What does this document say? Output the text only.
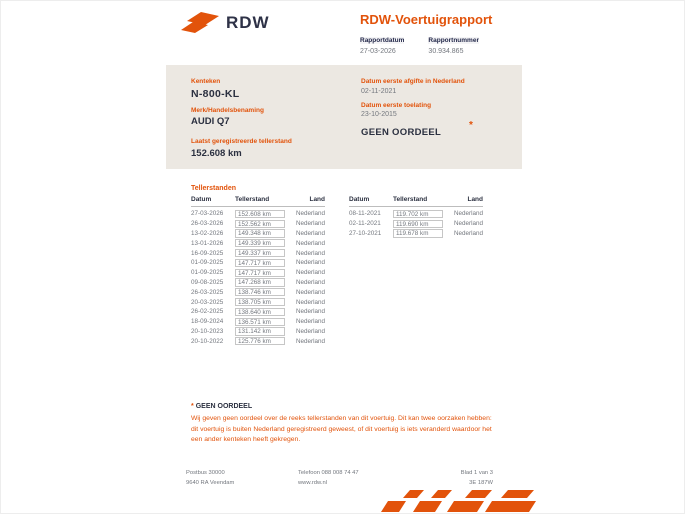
RDW	RDW-Voertuigrapport
Rapportdatum
27-03-2026
Rapportnummer
30.934.865
Kenteken
N-800-KL
Merk/Handelsbenaming
AUDI Q7
Laatst geregistreerde tellerstand
152.608 km
Datum eerste afgifte in Nederland
02-11-2021
Datum eerste toelating
23-10-2015
GEEN OORDEEL
*
Tellerstanden
Datum	Tellerstand	Land
27-03-2026	152.608 km	Nederland
26-03-2026	152.562 km	Nederland
13-02-2026	149.348 km	Nederland
13-01-2026	149.339 km	Nederland
16-09-2025	149.337 km	Nederland
01-09-2025	147.717 km	Nederland
01-09-2025	147.717 km	Nederland
09-08-2025	147.268 km	Nederland
26-03-2025	138.746 km	Nederland
20-03-2025	138.705 km	Nederland
26-02-2025	138.640 km	Nederland
18-09-2024	136.571 km	Nederland
20-10-2023	131.142 km	Nederland
20-10-2022	125.776 km	Nederland
Datum	Tellerstand	Land
08-11-2021	119.702 km	Nederland
02-11-2021	119.690 km	Nederland
27-10-2021	119.678 km	Nederland
* GEEN OORDEEL
Wij geven geen oordeel over de reeks tellerstanden van dit voertuig. Dit kan twee oorzaken hebben: dit voertuig is buiten Nederland geregistreerd geweest, of dit voertuig is iets veranderd waardoor het een ander kenteken heeft gekregen.
Postbus 30000
9640 RA Veendam
Telefoon 088 008 74 47
www.rdw.nl
Blad 1 van 3
3E 187W
